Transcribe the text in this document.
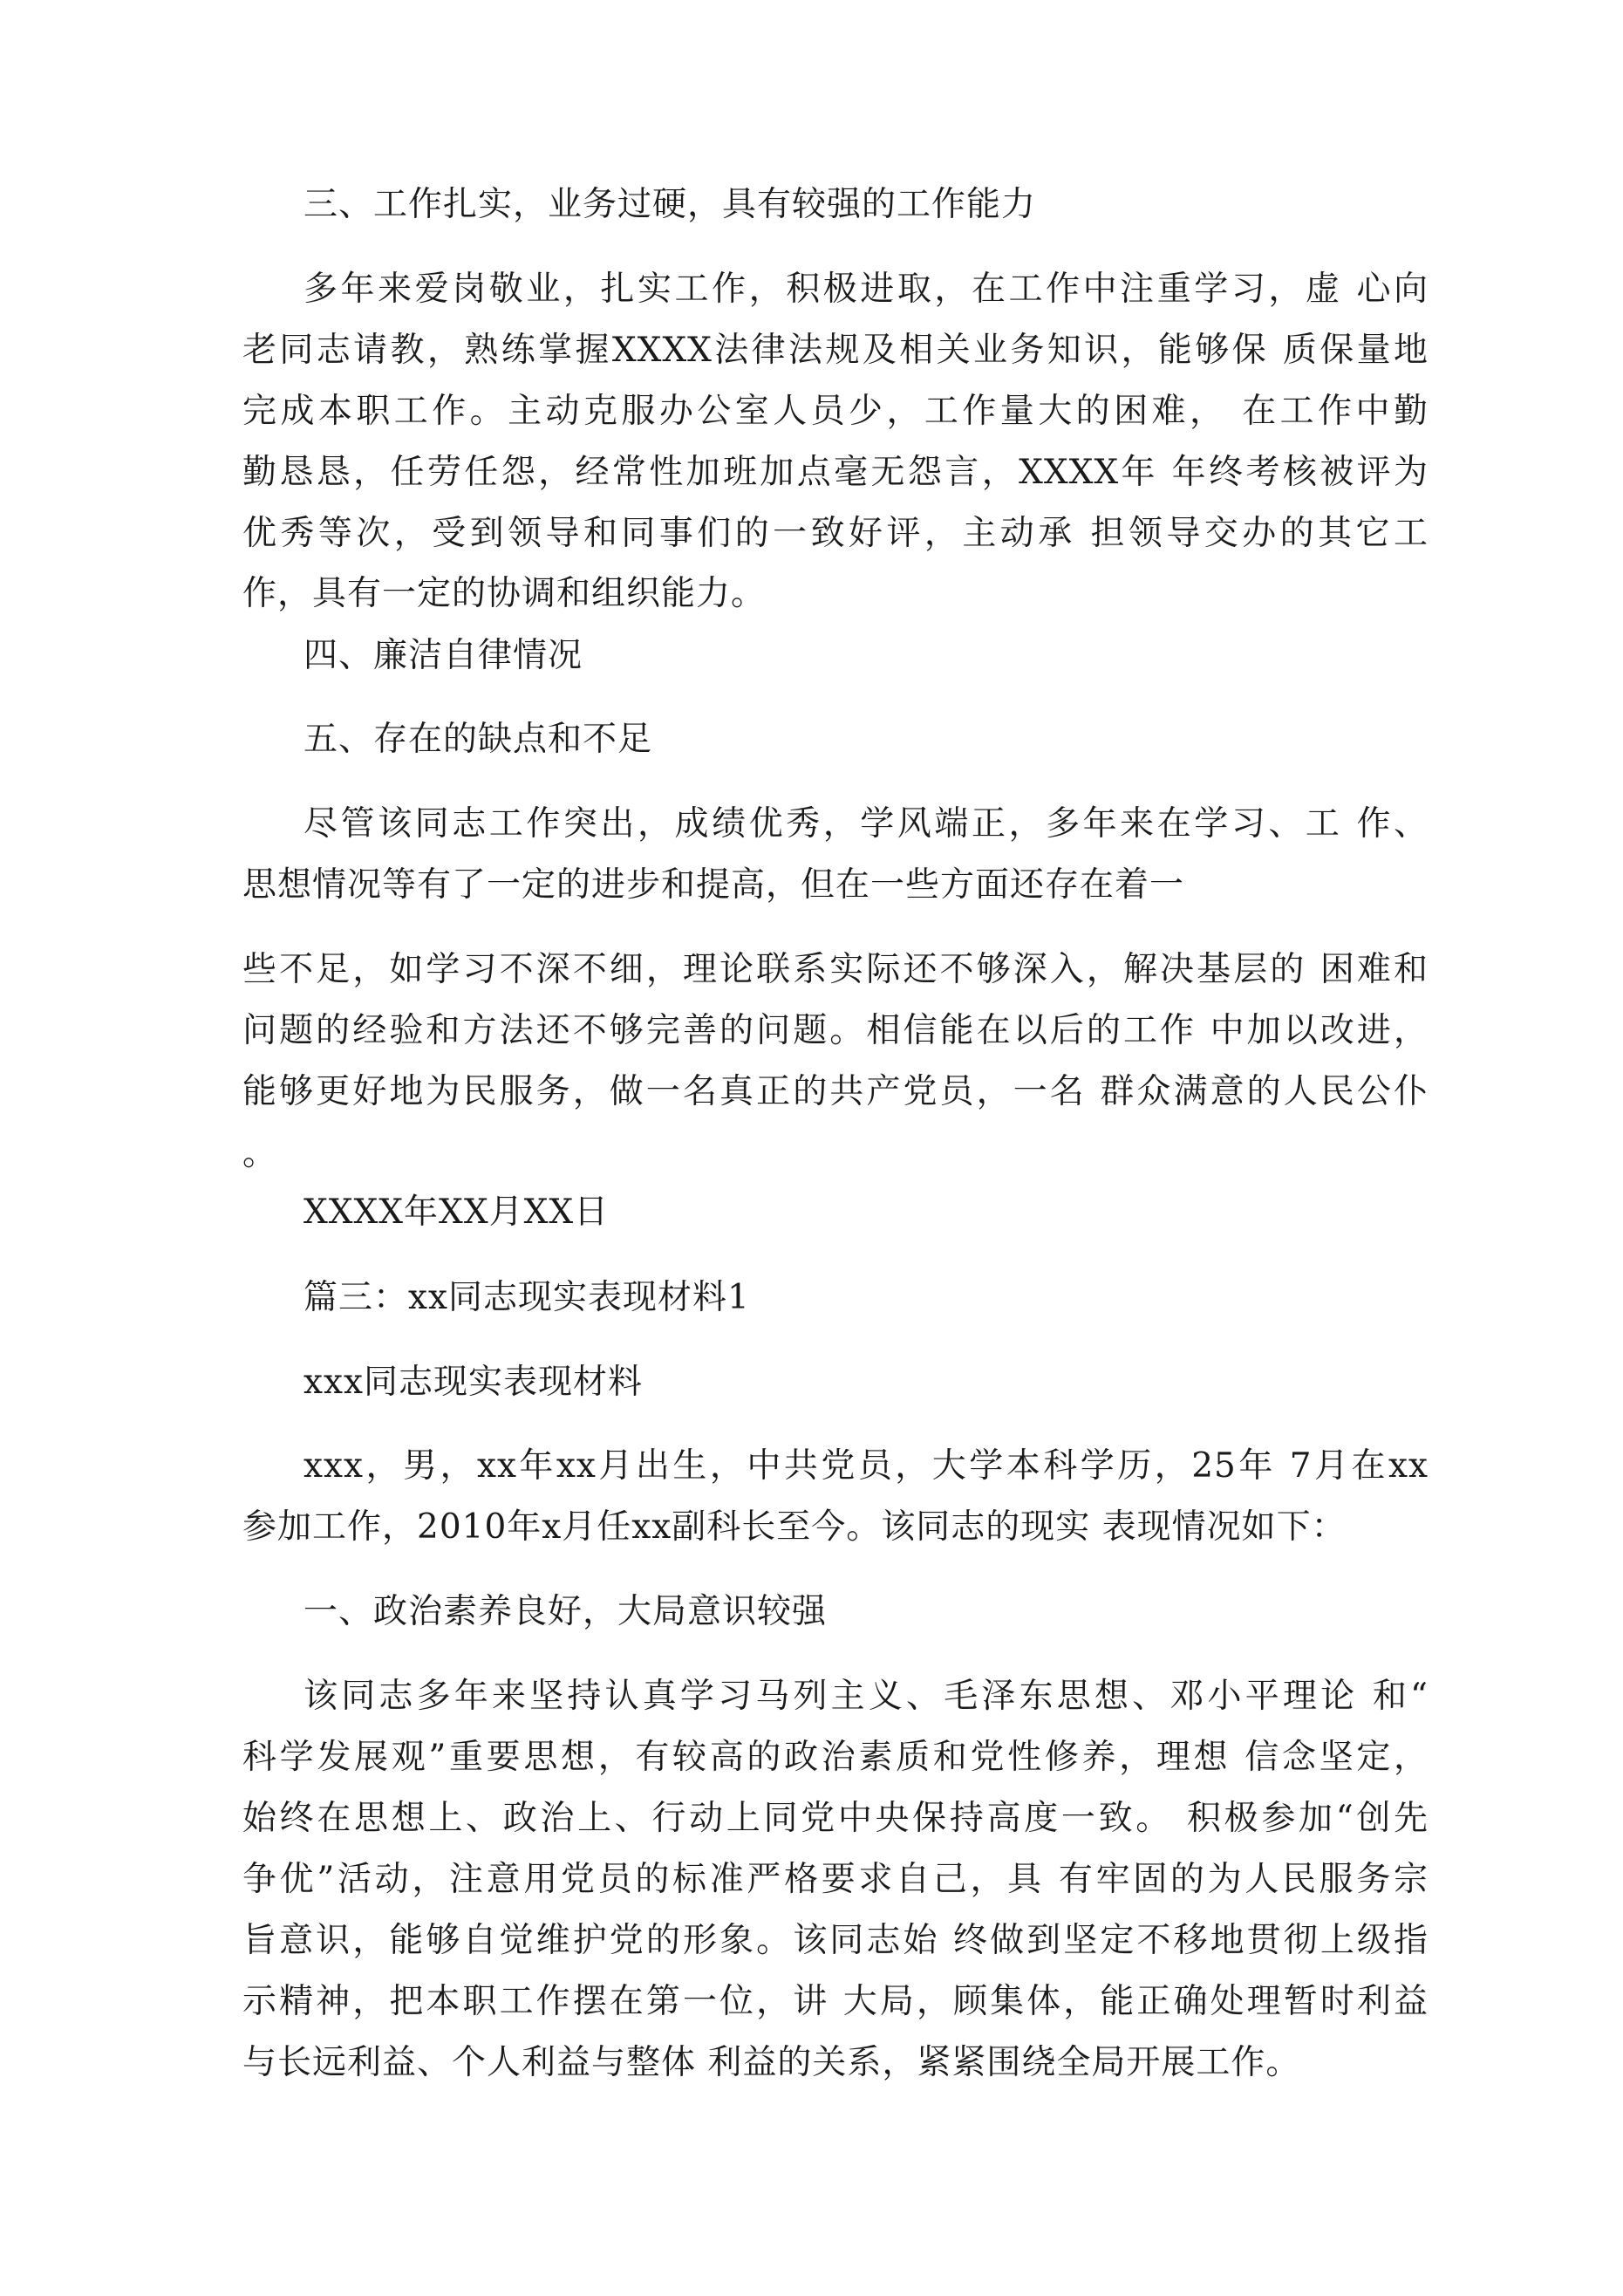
三、工作扎实，业务过硬，具有较强的工作能力
多年来爱岗敬业，扎实工作，积极进取，在工作中注重学习，虚 心向
老同志请教，熟练掌握XXXX法律法规及相关业务知识，能够保 质保量地
完成本职工作。主动克服办公室人员少，工作量大的困难， 在工作中勤
勤恳恳，任劳任怨，经常性加班加点毫无怨言，XXXX年 年终考核被评为
优秀等次，受到领导和同事们的一致好评，主动承 担领导交办的其它工
作，具有一定的协调和组织能力。
四、廉洁自律情况
五、存在的缺点和不足
尽管该同志工作突出，成绩优秀，学风端正，多年来在学习、工 作、
思想情况等有了一定的进步和提高，但在一些方面还存在着一
些不足，如学习不深不细，理论联系实际还不够深入，解决基层的 困难和
问题的经验和方法还不够完善的问题。相信能在以后的工作 中加以改进，
能够更好地为民服务，做一名真正的共产党员，一名 群众满意的人民公仆
。
XXXX年XX月XX日
篇三：xx同志现实表现材料1
xxx同志现实表现材料
xxx，男，xx年xx月出生，中共党员，大学本科学历，25年 7月在xx
参加工作，2010年x月任xx副科长至今。该同志的现实 表现情况如下：
一、政治素养良好，大局意识较强
该同志多年来坚持认真学习马列主义、毛泽东思想、邓小平理论 和“
科学发展观”重要思想，有较高的政治素质和党性修养，理想 信念坚定，
始终在思想上、政治上、行动上同党中央保持高度一致。 积极参加“创先
争优”活动，注意用党员的标准严格要求自己，具 有牢固的为人民服务宗
旨意识，能够自觉维护党的形象。该同志始 终做到坚定不移地贯彻上级指
示精神，把本职工作摆在第一位，讲 大局，顾集体，能正确处理暂时利益
与长远利益、个人利益与整体 利益的关系，紧紧围绕全局开展工作。
